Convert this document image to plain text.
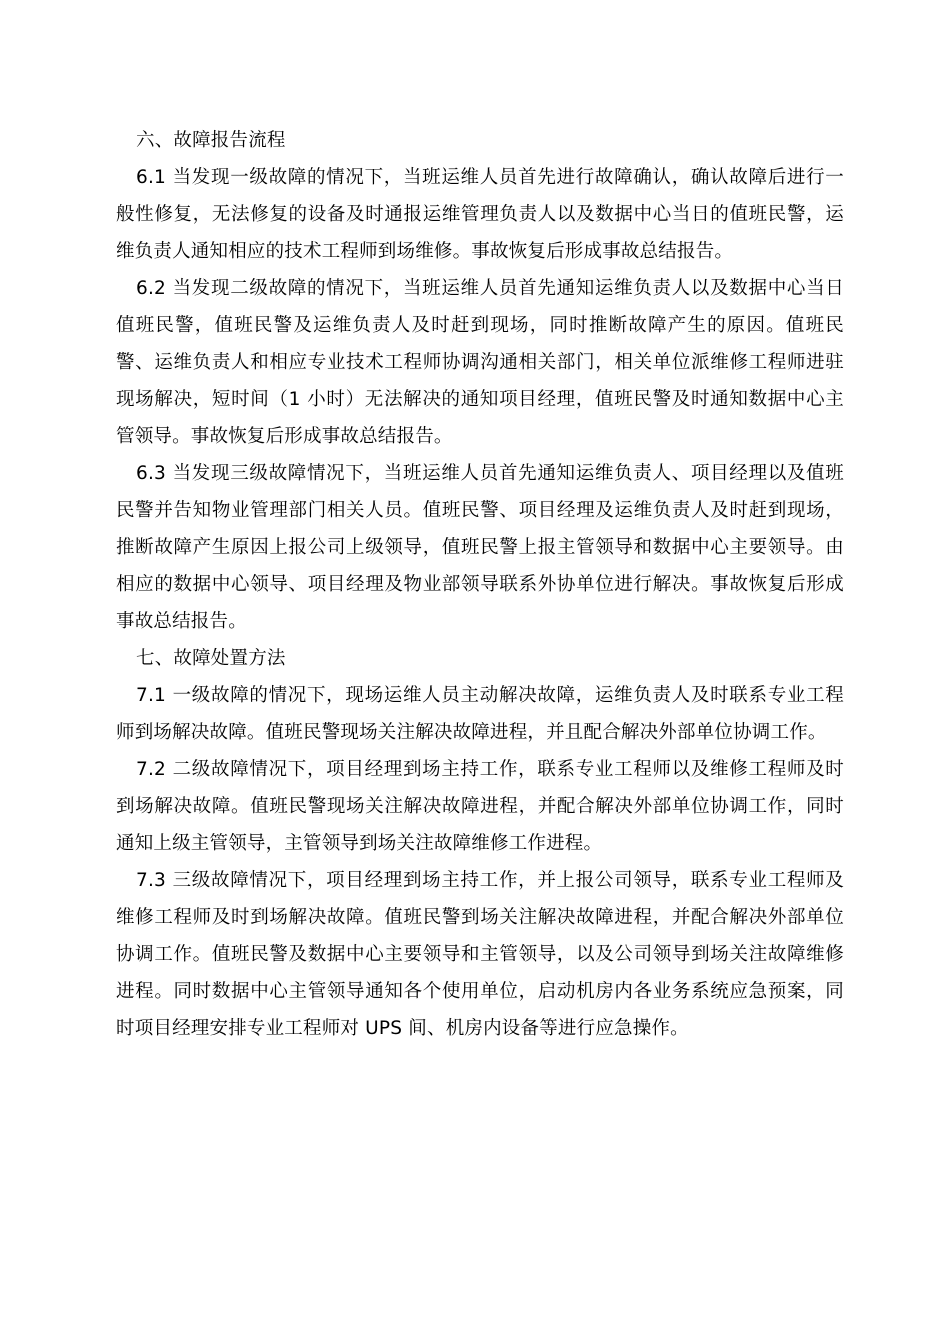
六、故障报告流程

6.1 当发现一级故障的情况下，当班运维人员首先进行故障确认，确认故障后进行一般性修复，无法修复的设备及时通报运维管理负责人以及数据中心当日的值班民警，运维负责人通知相应的技术工程师到场维修。事故恢复后形成事故总结报告。

6.2 当发现二级故障的情况下，当班运维人员首先通知运维负责人以及数据中心当日值班民警，值班民警及运维负责人及时赶到现场，同时推断故障产生的原因。值班民警、运维负责人和相应专业技术工程师协调沟通相关部门，相关单位派维修工程师进驻现场解决，短时间（1 小时）无法解决的通知项目经理，值班民警及时通知数据中心主管领导。事故恢复后形成事故总结报告。

6.3 当发现三级故障情况下，当班运维人员首先通知运维负责人、项目经理以及值班民警并告知物业管理部门相关人员。值班民警、项目经理及运维负责人及时赶到现场，推断故障产生原因上报公司上级领导，值班民警上报主管领导和数据中心主要领导。由相应的数据中心领导、项目经理及物业部领导联系外协单位进行解决。事故恢复后形成事故总结报告。

七、故障处置方法

7.1 一级故障的情况下，现场运维人员主动解决故障，运维负责人及时联系专业工程师到场解决故障。值班民警现场关注解决故障进程，并且配合解决外部单位协调工作。

7.2 二级故障情况下，项目经理到场主持工作，联系专业工程师以及维修工程师及时到场解决故障。值班民警现场关注解决故障进程，并配合解决外部单位协调工作，同时通知上级主管领导，主管领导到场关注故障维修工作进程。

7.3 三级故障情况下，项目经理到场主持工作，并上报公司领导，联系专业工程师及维修工程师及时到场解决故障。值班民警到场关注解决故障进程，并配合解决外部单位协调工作。值班民警及数据中心主要领导和主管领导，以及公司领导到场关注故障维修进程。同时数据中心主管领导通知各个使用单位，启动机房内各业务系统应急预案，同时项目经理安排专业工程师对 UPS 间、机房内设备等进行应急操作。
